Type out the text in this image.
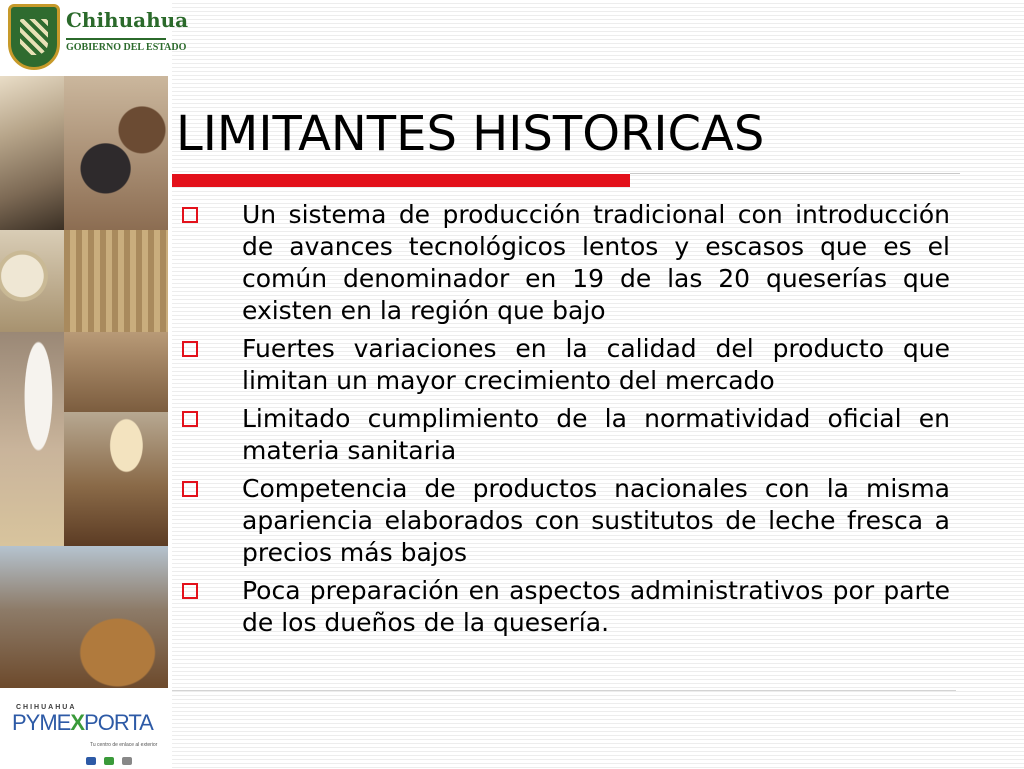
Chihuahua
GOBIERNO DEL ESTADO
CHIHUAHUA
PYMEXPORTA
Tu centro de enlace al exterior
LIMITANTES HISTORICAS
Un sistema de producción tradicional con introducción de avances tecnológicos lentos y escasos que es el común denominador en 19 de las 20 queserías que existen en la región que bajo
Fuertes variaciones en la calidad del producto que limitan un mayor crecimiento del mercado
Limitado cumplimiento de la normatividad oficial en materia sanitaria
Competencia de productos nacionales con la misma apariencia elaborados con sustitutos de leche fresca a precios más bajos
Poca preparación en aspectos administrativos por parte de los dueños de la quesería.
